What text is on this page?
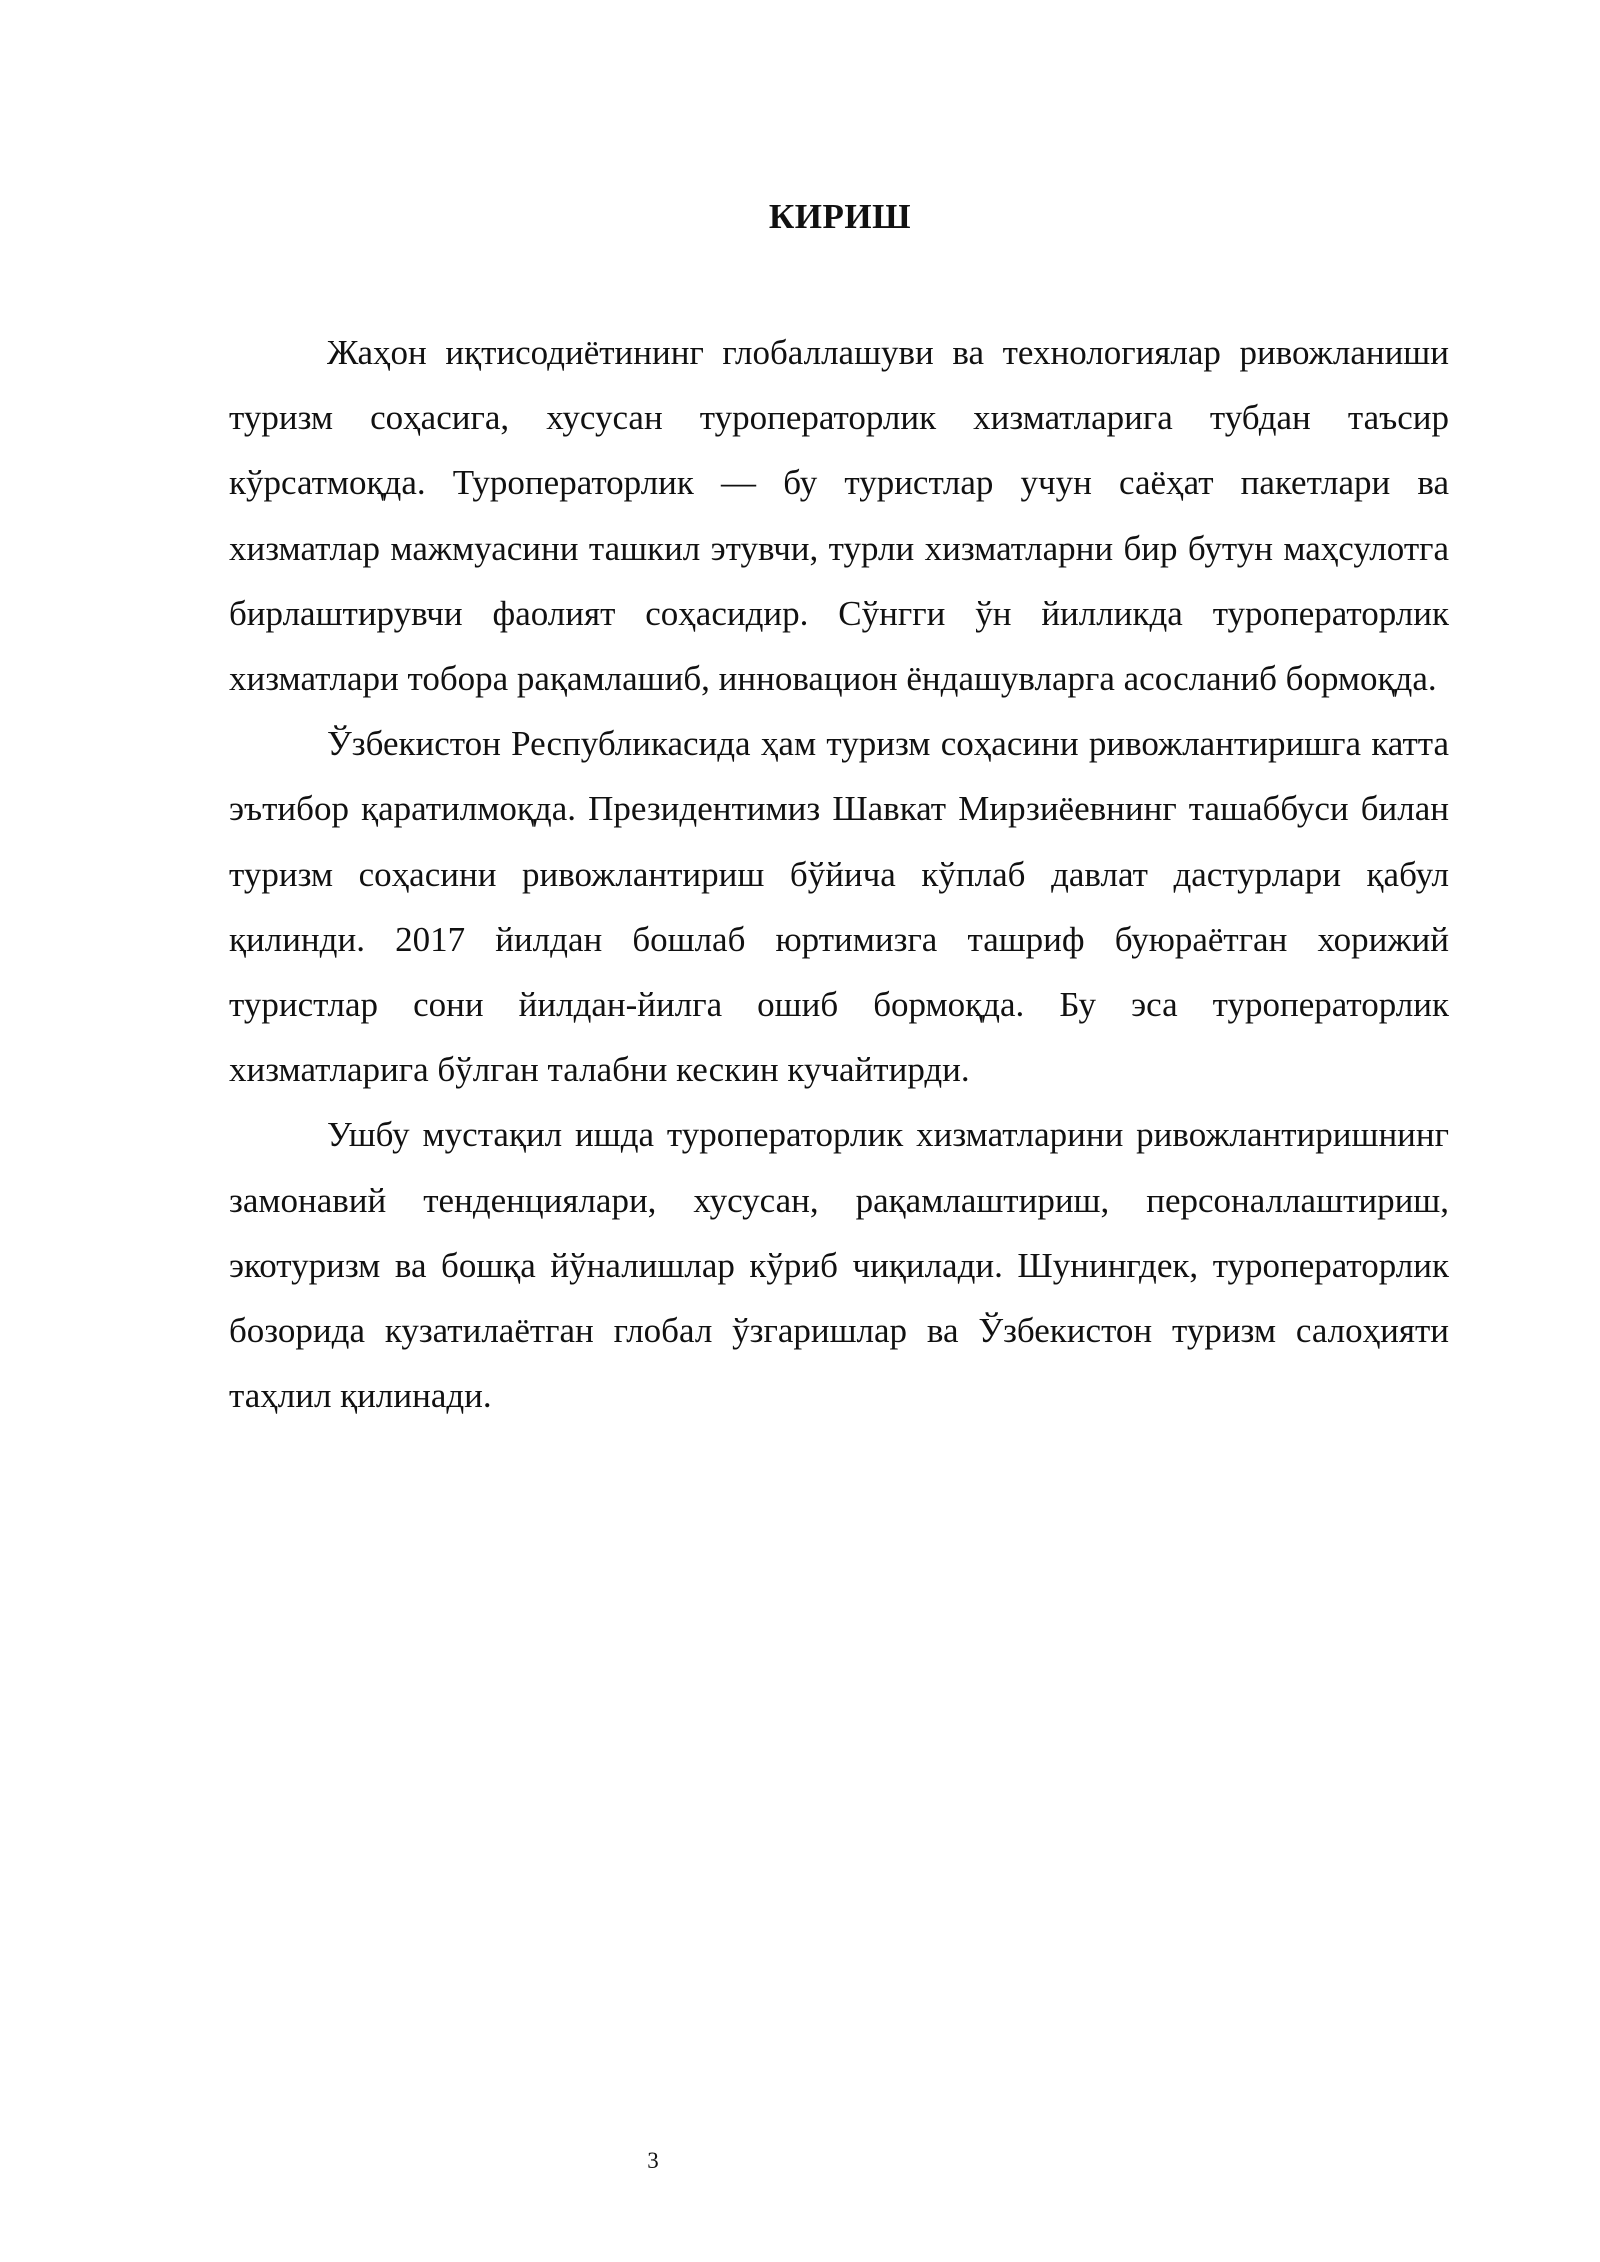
КИРИШ

Жаҳон иқтисодиётининг глобаллашуви ва технологиялар ривожланиши туризм соҳасига, хусусан туроператорлик хизматларига тубдан таъсир кўрсатмоқда. Туроператорлик — бу туристлар учун саёҳат пакетлари ва хизматлар мажмуасини ташкил этувчи, турли хизматларни бир бутун маҳсулотга бирлаштирувчи фаолият соҳасидир. Сўнгги ўн йилликда туроператорлик хизматлари тобора рақамлашиб, инновацион ёндашувларга асосланиб бормоқда.

Ўзбекистон Республикасида ҳам туризм соҳасини ривожлантиришга катта эътибор қаратилмоқда. Президентимиз Шавкат Мирзиёевнинг ташаббуси билан туризм соҳасини ривожлантириш бўйича кўплаб давлат дастурлари қабул қилинди. 2017 йилдан бошлаб юртимизга ташриф буюраётган хорижий туристлар сони йилдан-йилга ошиб бормоқда. Бу эса туроператорлик хизматларига бўлган талабни кескин кучайтирди.

Ушбу мустақил ишда туроператорлик хизматларини ривожлантиришнинг замонавий тенденциялари, хусусан, рақамлаштириш, персоналлаштириш, экотуризм ва бошқа йўналишлар кўриб чиқилади. Шунингдек, туроператорлик бозорида кузатилаётган глобал ўзгаришлар ва Ўзбекистон туризм салоҳияти таҳлил қилинади.

3
